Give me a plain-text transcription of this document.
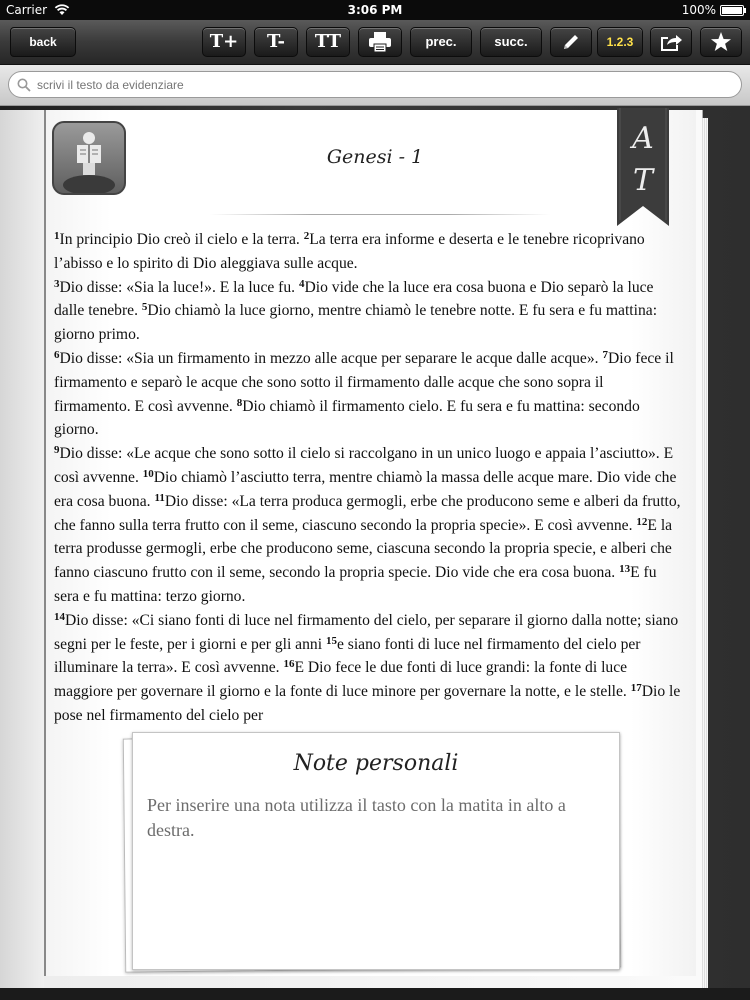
Carrier	3:06 PM	100%
back	T+	T-	TT	prec.	succ.	1.2.3
scrivi il testo da evidenziare
Genesi - 1
A
T

$^1$In principio Dio creò il cielo e la terra. $^2$La terra era informe e deserta e le tenebre ricoprivano l’abisso e lo spirito di Dio aleggiava sulle acque.

$^3$Dio disse: «Sia la luce!». E la luce fu. $^4$Dio vide che la luce era cosa buona e Dio separò la luce dalle tenebre. $^5$Dio chiamò la luce giorno, mentre chiamò le tenebre notte. E fu sera e fu mattina: giorno primo.

$^6$Dio disse: «Sia un firmamento in mezzo alle acque per separare le acque dalle acque». $^7$Dio fece il firmamento e separò le acque che sono sotto il firmamento dalle acque che sono sopra il firmamento. E così avvenne. $^8$Dio chiamò il firmamento cielo. E fu sera e fu mattina: secondo giorno.

$^9$Dio disse: «Le acque che sono sotto il cielo si raccolgano in un unico luogo e appaia l’asciutto». E così avvenne. $^{10}$Dio chiamò l’asciutto terra, mentre chiamò la massa delle acque mare. Dio vide che era cosa buona. $^{11}$Dio disse: «La terra produca germogli, erbe che producono seme e alberi da frutto, che fanno sulla terra frutto con il seme, ciascuno secondo la propria specie». E così avvenne. $^{12}$E la terra produsse germogli, erbe che producono seme, ciascuna secondo la propria specie, e alberi che fanno ciascuno frutto con il seme, secondo la propria specie. Dio vide che era cosa buona. $^{13}$E fu sera e fu mattina: terzo giorno.

$^{14}$Dio disse: «Ci siano fonti di luce nel firmamento del cielo, per separare il giorno dalla notte; siano segni per le feste, per i giorni e per gli anni $^{15}$e siano fonti di luce nel firmamento del cielo per illuminare la terra». E così avvenne. $^{16}$E Dio fece le due fonti di luce grandi: la fonte di luce maggiore per governare il giorno e la fonte di luce minore per governare la notte, e le stelle. $^{17}$Dio le pose nel firmamento del cielo per

Note personali
Per inserire una nota utilizza il tasto con la matita in alto a destra.
